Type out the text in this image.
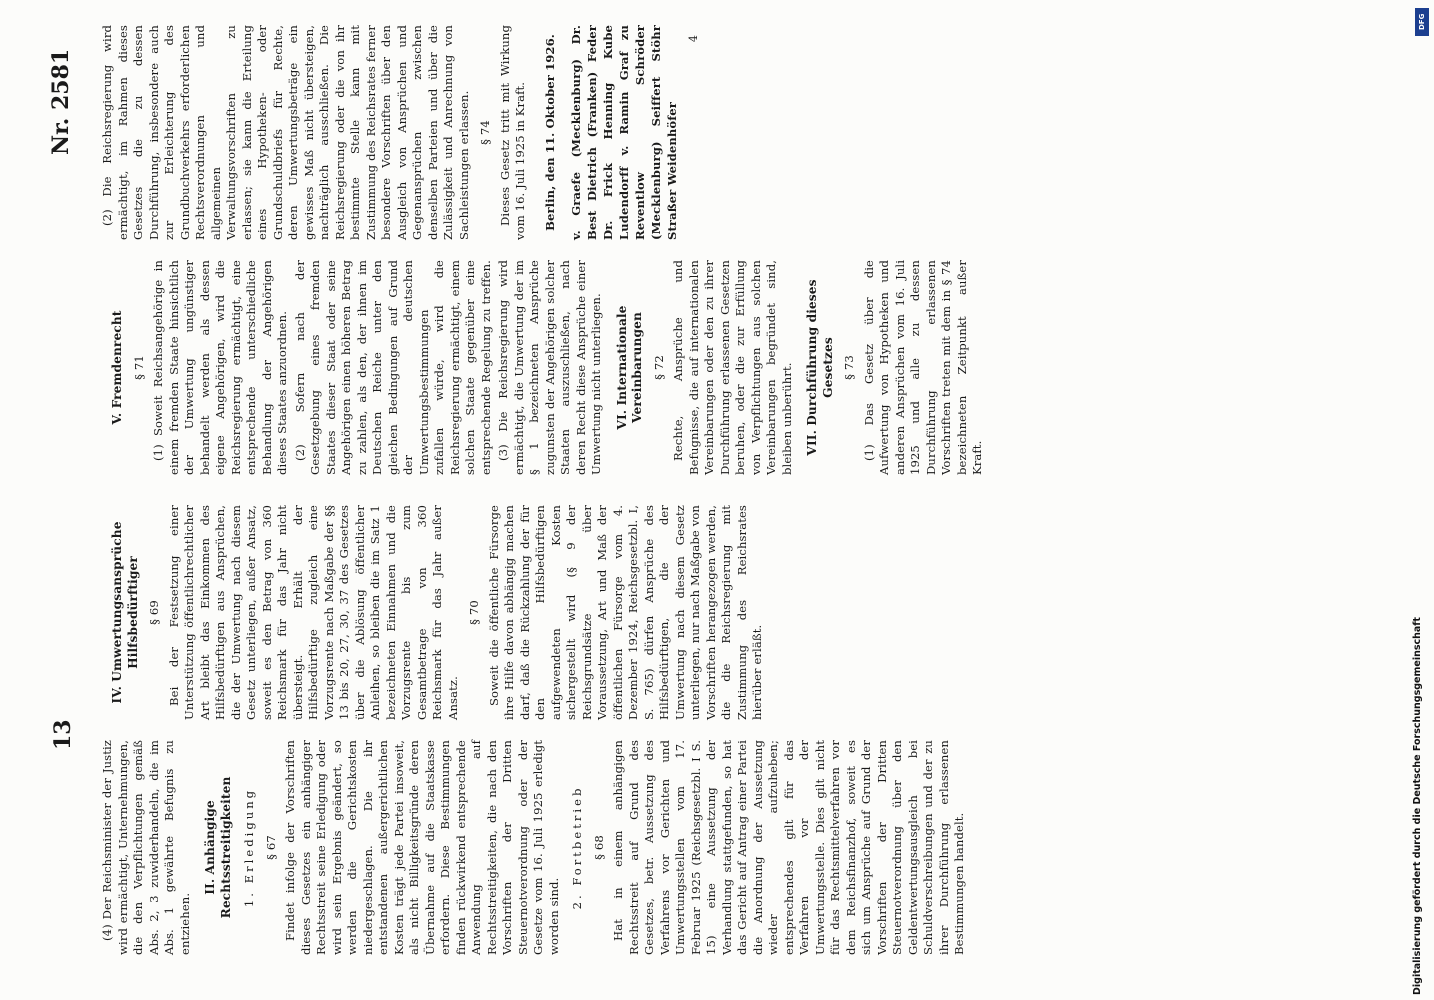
13

(4) Der Reichsminister der Justiz wird ermächtigt, Unternehmungen, die den Verpflichtungen gemäß Abs. 2, 3 zuwiderhandeln, die im Abs. 1 gewährte Befugnis zu entziehen.

II. Anhängige Rechtsstreitigkeiten 1. Erledigung § 67 Findet infolge der Vorschriften dieses Gesetzes ein anhängiger Rechtsstreit seine Erledigung oder wird sein Ergebnis geändert, so werden die Gerichtskosten niedergeschlagen. Die ihr entstandenen außergerichtlichen Kosten trägt jede Partei insoweit, als nicht Billigkeitsgründe deren Übernahme auf die Staatskasse erfordern. Diese Bestimmungen finden rückwirkend entsprechende Anwendung auf Rechtsstreitigkeiten, die nach den Vorschriften der Dritten Steuernotverordnung oder der Gesetze vom 16. Juli 1925 erledigt worden sind.

2. Fortbetrieb § 68 Hat in einem anhängigen Rechtsstreit auf Grund des Gesetzes, betr. Aussetzung des Verfahrens vor Gerichten und Umwertungsstellen vom 17. Februar 1925 (Reichsgesetzbl. I S. 15) eine Aussetzung der Verhandlung stattgefunden, so hat das Gericht auf Antrag einer Partei die Anordnung der Aussetzung wieder aufzuheben; entsprechendes gilt für das Verfahren vor der Umwertungsstelle. Dies gilt nicht für das Rechtsmittelverfahren vor dem Reichsfinanzhof, soweit es sich um Ansprüche auf Grund der Vorschriften der Dritten Steuernotverordnung über den Geldentwertungsausgleich bei Schuldverschreibungen und der zu ihrer Durchführung erlassenen Bestimmungen handelt.

IV. Umwertungsansprüche Hilfsbedürftiger § 69 Bei der Festsetzung einer Unterstützung öffentlichrechtlicher Art bleibt das Einkommen des Hilfsbedürftigen aus Ansprüchen, die der Umwertung nach diesem Gesetz unterliegen, außer Ansatz, soweit es den Betrag von 360 Reichsmark für das Jahr nicht übersteigt. Erhält der Hilfsbedürftige zugleich eine Vorzugsrente nach Maßgabe der §§ 13 bis 20, 27, 30, 37 des Gesetzes über die Ablösung öffentlicher Anleihen, so bleiben die im Satz 1 bezeichneten Einnahmen und die Vorzugsrente bis zum Gesamtbetrage von 360 Reichsmark für das Jahr außer Ansatz.

§ 70 Soweit die öffentliche Fürsorge ihre Hilfe davon abhängig machen darf, daß die Rückzahlung der für den Hilfsbedürftigen aufgewendeten Kosten sichergestellt wird (§ 9 der Reichsgrundsätze über Voraussetzung, Art und Maß der öffentlichen Fürsorge vom 4. Dezember 1924, Reichsgesetzbl. I, S. 765) dürfen Ansprüche des Hilfsbedürftigen, die der Umwertung nach diesem Gesetz unterliegen, nur nach Maßgabe von Vorschriften herangezogen werden, die die Reichsregierung mit Zustimmung des Reichsrates hierüber erläßt.

Nr. 2581
V. Fremdenrecht § 71 (1) Soweit Reichsangehörige in einem fremden Staate hinsichtlich der Umwertung ungünstiger behandelt werden als dessen eigene Angehörigen, wird die Reichsregierung ermächtigt, eine entsprechende unterschiedliche Behandlung der Angehörigen dieses Staates anzuordnen. (2) Sofern nach der Gesetzgebung eines fremden Staates dieser Staat oder seine Angehörigen einen höheren Betrag zu zahlen, als den, der ihnen im Deutschen Reiche unter den gleichen Bedingungen auf Grund der deutschen Umwertungsbestimmungen zufallen würde, wird die Reichsregierung ermächtigt, einem solchen Staate gegenüber eine entsprechende Regelung zu treffen. (3) Die Reichsregierung wird ermächtigt, die Umwertung der im § 1 bezeichneten Ansprüche zugunsten der Angehörigen solcher Staaten auszuschließen, nach deren Recht diese Ansprüche einer Umwertung nicht unterliegen. VI. Internationale Vereinbarungen § 72 Rechte, Ansprüche und Befugnisse, die auf internationalen Vereinbarungen oder den zu ihrer Durchführung erlassenen Gesetzen beruhen, oder die zur Erfüllung von Verpflichtungen aus solchen Vereinbarungen begründet sind, bleiben unberührt. VII. Durchführung dieses Gesetzes § 73 (1) Das Gesetz über die Aufwertung von Hypotheken und anderen Ansprüchen vom 16. Juli 1925 und alle zu dessen Durchführung erlassenen Vorschriften treten mit dem in § 74 bezeichneten Zeitpunkt außer Kraft.

(2) Die Reichsregierung wird ermächtigt, im Rahmen dieses Gesetzes die zu dessen Durchführung, insbesondere auch zur Erleichterung des Grundbuchverkehrs erforderlichen Rechtsverordnungen und allgemeinen Verwaltungsvorschriften zu erlassen; sie kann die Erteilung eines Hypotheken- oder Grundschuldbriefs für Rechte, deren Umwertungsbeträge ein gewisses Maß nicht übersteigen, nachträglich ausschließen. Die Reichsregierung oder die von ihr bestimmte Stelle kann mit Zustimmung des Reichsrates ferner besondere Vorschriften über den Ausgleich von Ansprüchen und Gegenansprüchen zwischen denselben Parteien und über die Zulässigkeit und Anrechnung von Sachleistungen erlassen. § 74 Dieses Gesetz tritt mit Wirkung vom 16. Juli 1925 in Kraft. Berlin, den 11. Oktober 1926. v. Graefe (Mecklenburg) Dr. Best Dietrich (Franken) Feder Dr. Frick Henning Kube Ludendorff v. Ramin Graf zu Reventlow Schröder (Mecklenburg) Seiffert Stöhr Straßer Weidenhöfer
4
DFG
Digitalisierung gefördert durch die Deutsche Forschungsgemeinschaft
